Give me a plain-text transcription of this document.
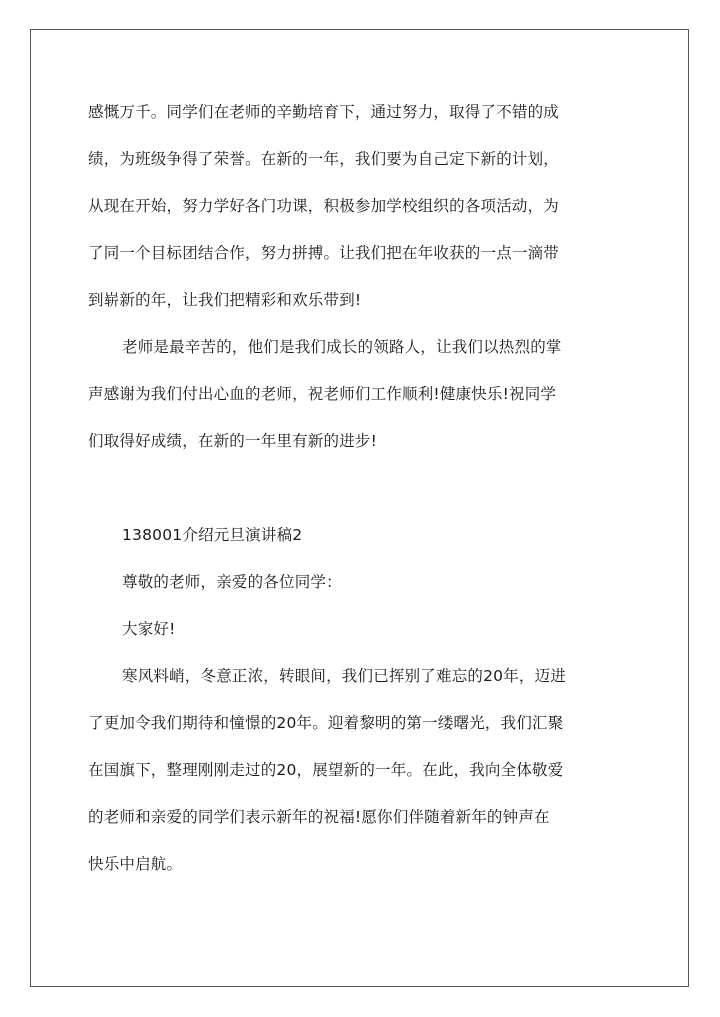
感慨万千。同学们在老师的辛勤培育下，通过努力，取得了不错的成
绩，为班级争得了荣誉。在新的一年，我们要为自己定下新的计划，
从现在开始，努力学好各门功课，积极参加学校组织的各项活动，为
了同一个目标团结合作，努力拼搏。让我们把在年收获的一点一滴带
到崭新的年，让我们把精彩和欢乐带到!
老师是最辛苦的，他们是我们成长的领路人，让我们以热烈的掌
声感谢为我们付出心血的老师，祝老师们工作顺利!健康快乐!祝同学
们取得好成绩，在新的一年里有新的进步!
138001介绍元旦演讲稿2
尊敬的老师，亲爱的各位同学：
大家好!
寒风料峭，冬意正浓，转眼间，我们已挥别了难忘的20年，迈进
了更加令我们期待和憧憬的20年。迎着黎明的第一缕曙光，我们汇聚
在国旗下，整理刚刚走过的20，展望新的一年。在此，我向全体敬爱
的老师和亲爱的同学们表示新年的祝福!愿你们伴随着新年的钟声在
快乐中启航。
